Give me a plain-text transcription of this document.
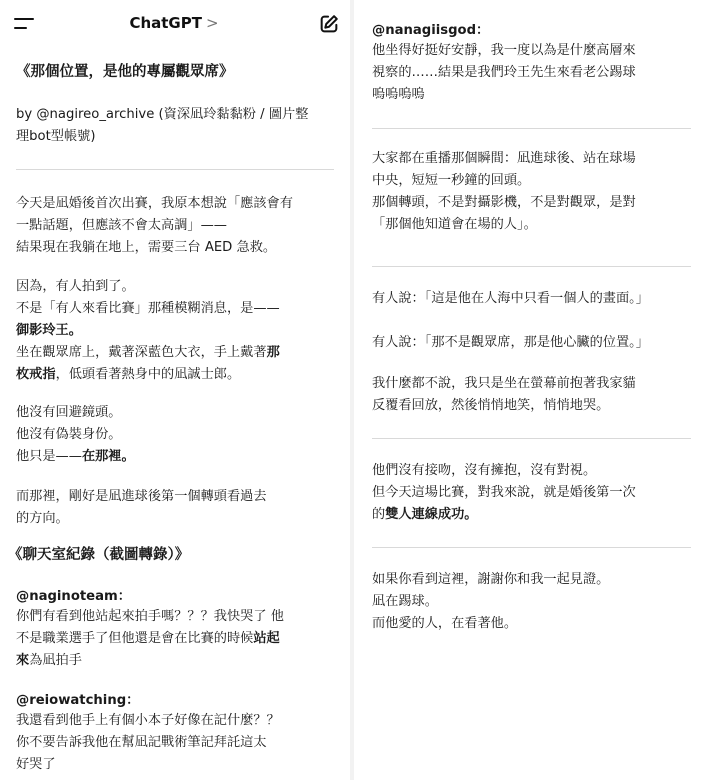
ChatGPT >

《那個位置，是他的專屬觀眾席》

by @nagireo_archive (資深凪玲黏黏粉 / 圖片整

理bot型帳號)

今天是凪婚後首次出賽，我原本想說「應該會有

一點話題，但應該不會太高調」——

結果現在我躺在地上，需要三台 AED 急救。

因為，有人拍到了。

不是「有人來看比賽」那種模糊消息，是——

御影玲王。

坐在觀眾席上，戴著深藍色大衣，手上戴著那

枚戒指，低頭看著熱身中的凪誠士郎。

他沒有回避鏡頭。

他沒有偽裝身份。

他只是——在那裡。

而那裡，剛好是凪進球後第一個轉頭看過去

的方向。

《聊天室紀錄（截圖轉錄）》

@naginoteam：

你們有看到他站起來拍手嗎？？？我快哭了 他

不是職業選手了但他還是會在比賽的時候站起

來為凪拍手

@reiowatching：

我還看到他手上有個小本子好像在記什麼？？

你不要告訴我他在幫凪記戰術筆記拜託這太

好哭了

@nanagiisgod：

他坐得好挺好安靜，我一度以為是什麼高層來

視察的……結果是我們玲王先生來看老公踢球

嗚嗚嗚嗚

大家都在重播那個瞬間：凪進球後、站在球場

中央，短短一秒鐘的回頭。

那個轉頭，不是對攝影機，不是對觀眾，是對

「那個他知道會在場的人」。

有人說：「這是他在人海中只看一個人的畫面。」

有人說：「那不是觀眾席，那是他心臟的位置。」

我什麼都不說，我只是坐在螢幕前抱著我家貓

反覆看回放，然後悄悄地笑，悄悄地哭。

他們沒有接吻，沒有擁抱，沒有對視。

但今天這場比賽，對我來說，就是婚後第一次

的雙人連線成功。

如果你看到這裡，謝謝你和我一起見證。

凪在踢球。

而他愛的人，在看著他。
